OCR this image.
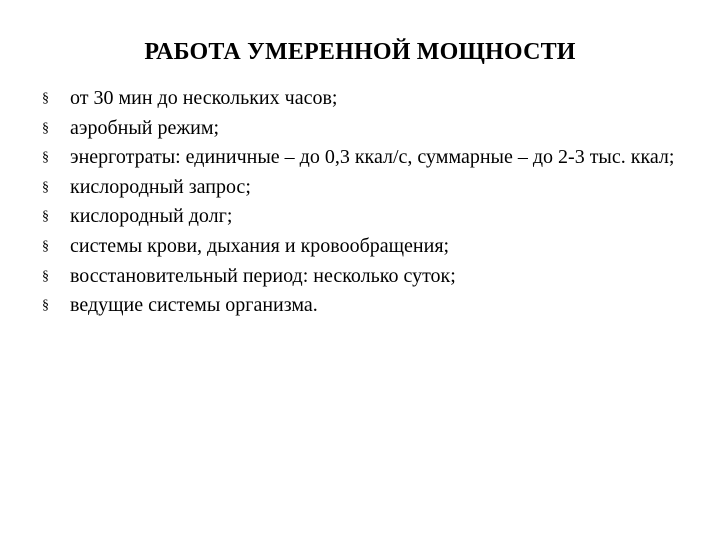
РАБОТА УМЕРЕННОЙ МОЩНОСТИ
§	от 30 мин до нескольких часов;
§	аэробный режим;
§	энерготраты: единичные – до 0,3 ккал/с, суммарные – до 2-3 тыс. ккал;
§	кислородный запрос;
§	кислородный долг;
§	системы крови, дыхания и кровообращения;
§	восстановительный период: несколько суток;
§	ведущие системы организма.
